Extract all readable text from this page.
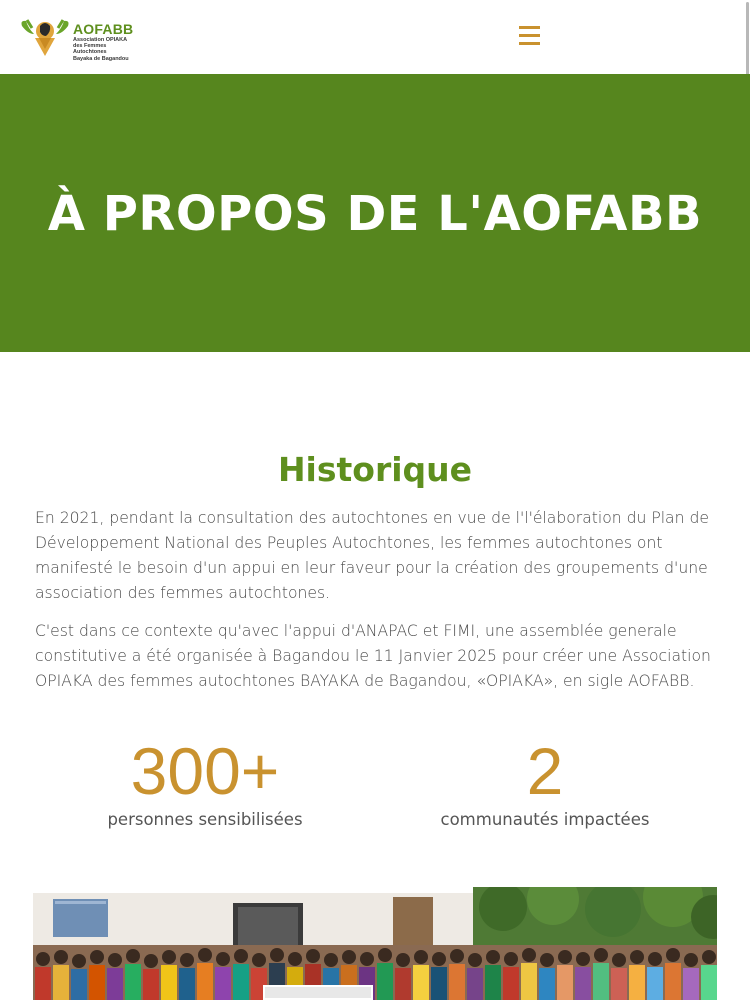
AOFABB
Association OPIAKA
des Femmes Autochtones
Bayaka de Bagandou
À PROPOS DE L'AOFABB
Historique

En 2021, pendant la consultation des autochtones en vue de l'l'élaboration du Plan de Développement National des Peuples Autochtones, les femmes autochtones ont manifesté le besoin d'un appui en leur faveur pour la création des groupements d'une association des femmes autochtones.

C'est dans ce contexte qu'avec l'appui d'ANAPAC et FIMI, une assemblée generale constitutive a été organisée à Bagandou le 11 Janvier 2025 pour créer une Association OPIAKA des femmes autochtones BAYAKA de Bagandou, «OPIAKA», en sigle AOFABB.

300+
personnes sensibilisées
2
communautés impactées
